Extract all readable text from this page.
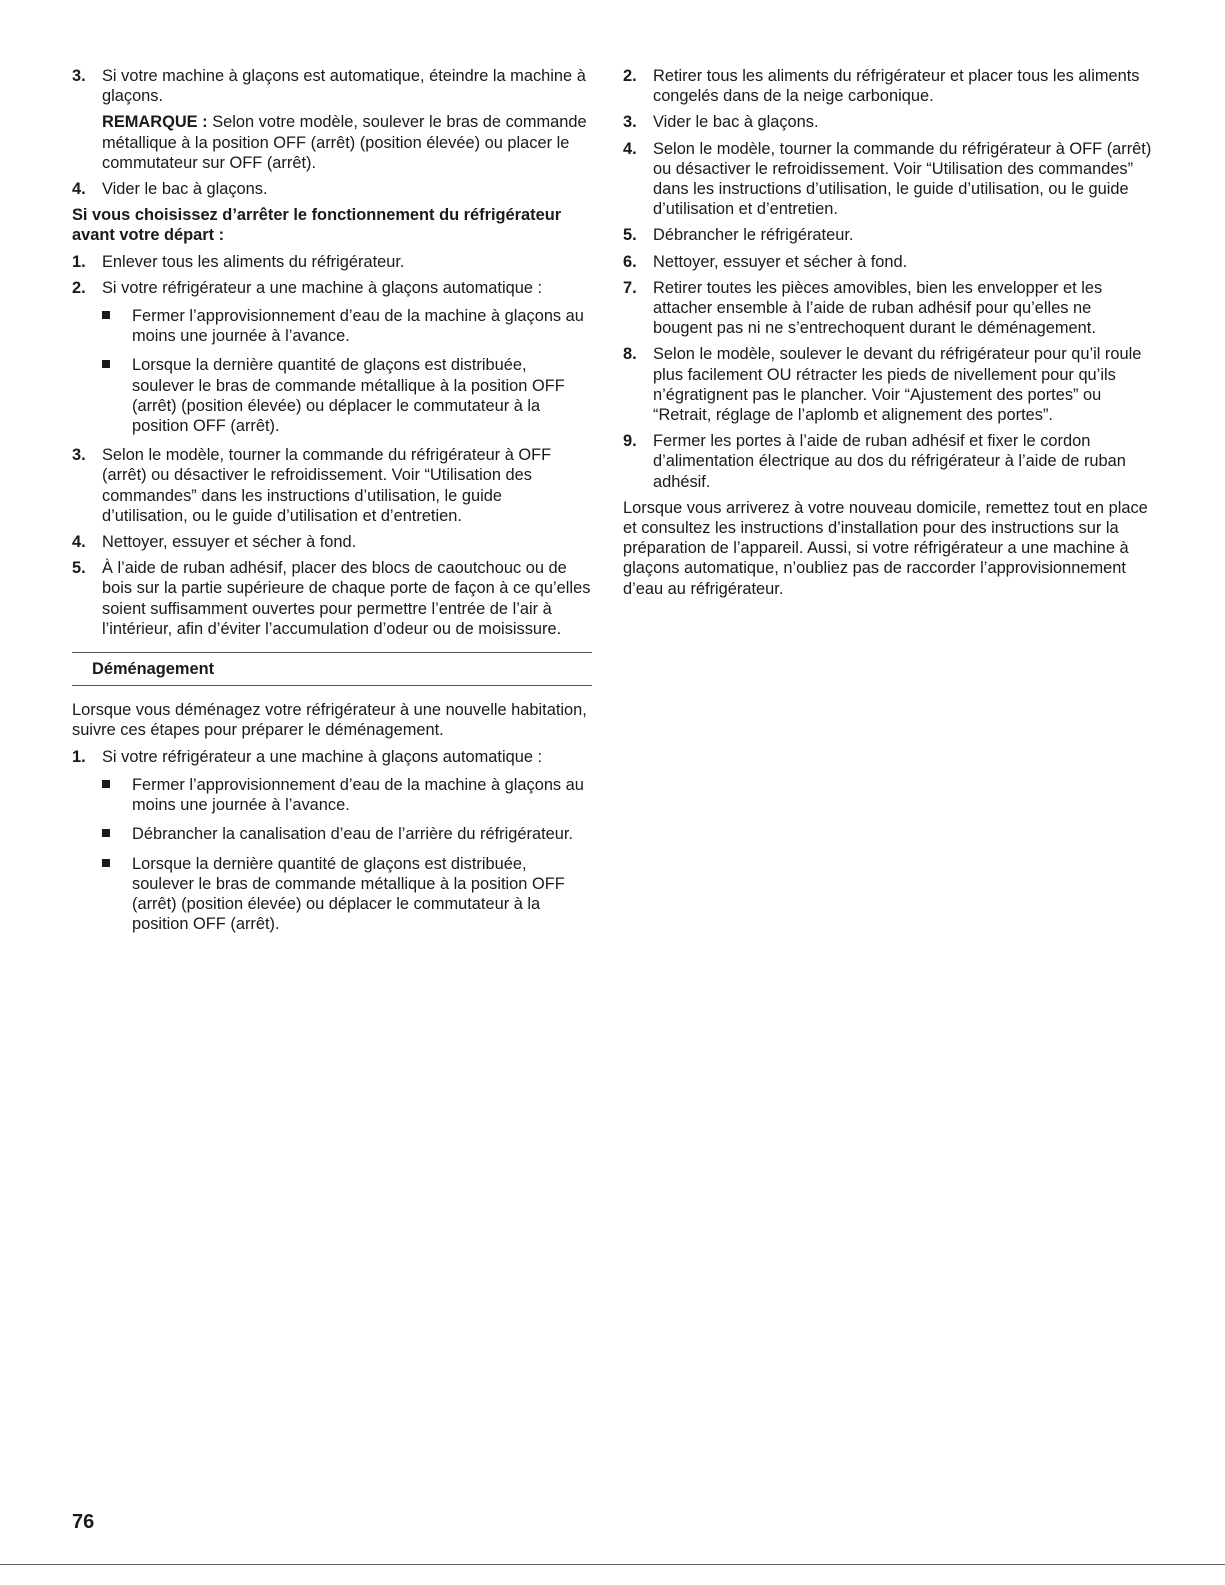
3. Si votre machine à glaçons est automatique, éteindre la machine à glaçons.
REMARQUE : Selon votre modèle, soulever le bras de commande métallique à la position OFF (arrêt) (position élevée) ou placer le commutateur sur OFF (arrêt).
4. Vider le bac à glaçons.
Si vous choisissez d’arrêter le fonctionnement du réfrigérateur avant votre départ :
1. Enlever tous les aliments du réfrigérateur.
2. Si votre réfrigérateur a une machine à glaçons automatique :
Fermer l’approvisionnement d’eau de la machine à glaçons au moins une journée à l’avance.
Lorsque la dernière quantité de glaçons est distribuée, soulever le bras de commande métallique à la position OFF (arrêt) (position élevée) ou déplacer le commutateur à la position OFF (arrêt).
3. Selon le modèle, tourner la commande du réfrigérateur à OFF (arrêt) ou désactiver le refroidissement. Voir “Utilisation des commandes” dans les instructions d’utilisation, le guide d’utilisation, ou le guide d’utilisation et d’entretien.
4. Nettoyer, essuyer et sécher à fond.
5. À l’aide de ruban adhésif, placer des blocs de caoutchouc ou de bois sur la partie supérieure de chaque porte de façon à ce qu’elles soient suffisamment ouvertes pour permettre l’entrée de l’air à l’intérieur, afin d’éviter l’accumulation d’odeur ou de moisissure.
Déménagement

Lorsque vous déménagez votre réfrigérateur à une nouvelle habitation, suivre ces étapes pour préparer le déménagement.

1. Si votre réfrigérateur a une machine à glaçons automatique :
Fermer l’approvisionnement d’eau de la machine à glaçons au moins une journée à l’avance.
Débrancher la canalisation d’eau de l’arrière du réfrigérateur.
Lorsque la dernière quantité de glaçons est distribuée, soulever le bras de commande métallique à la position OFF (arrêt) (position élevée) ou déplacer le commutateur à la position OFF (arrêt).
2. Retirer tous les aliments du réfrigérateur et placer tous les aliments congelés dans de la neige carbonique.
3. Vider le bac à glaçons.
4. Selon le modèle, tourner la commande du réfrigérateur à OFF (arrêt) ou désactiver le refroidissement. Voir “Utilisation des commandes” dans les instructions d’utilisation, le guide d’utilisation, ou le guide d’utilisation et d’entretien.
5. Débrancher le réfrigérateur.
6. Nettoyer, essuyer et sécher à fond.
7. Retirer toutes les pièces amovibles, bien les envelopper et les attacher ensemble à l’aide de ruban adhésif pour qu’elles ne bougent pas ni ne s’entrechoquent durant le déménagement.
8. Selon le modèle, soulever le devant du réfrigérateur pour qu’il roule plus facilement OU rétracter les pieds de nivellement pour qu’ils n’égratignent pas le plancher. Voir “Ajustement des portes” ou “Retrait, réglage de l’aplomb et alignement des portes”.
9. Fermer les portes à l’aide de ruban adhésif et fixer le cordon d’alimentation électrique au dos du réfrigérateur à l’aide de ruban adhésif.

Lorsque vous arriverez à votre nouveau domicile, remettez tout en place et consultez les instructions d’installation pour des instructions sur la préparation de l’appareil. Aussi, si votre réfrigérateur a une machine à glaçons automatique, n’oubliez pas de raccorder l’approvisionnement d’eau au réfrigérateur.

76
